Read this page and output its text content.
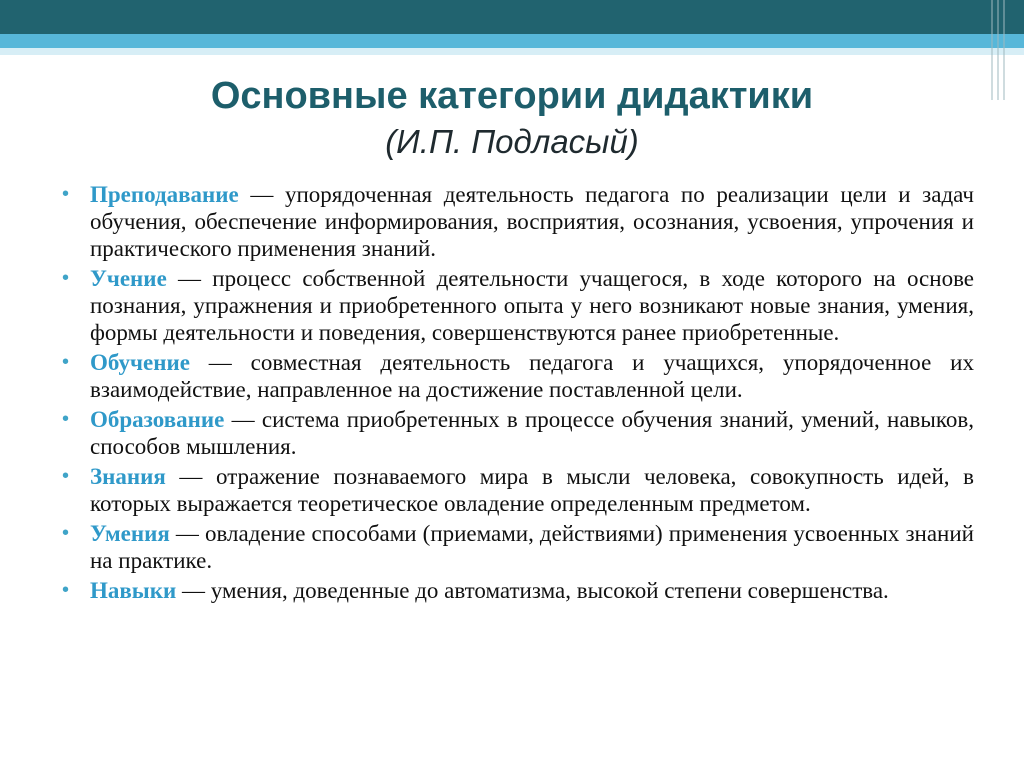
Основные категории дидактики
(И.П. Подласый)
• Преподавание — упорядоченная деятельность педагога по реализации цели и задач обучения, обеспечение информирования, восприятия, осознания, усвоения, упрочения и практического применения знаний.
• Учение — процесс собственной деятельности учащегося, в ходе которого на основе познания, упражнения и приобретенного опыта у него возникают новые знания, умения, формы деятельности и поведения, совершенствуются ранее приобретенные.
• Обучение — совместная деятельность педагога и учащихся, упорядоченное их взаимодействие, направленное на достижение поставленной цели.
• Образование — система приобретенных в процессе обучения знаний, умений, навыков, способов мышления.
• Знания — отражение познаваемого мира в мысли человека, совокупность идей, в которых выражается теоретическое овладение определенным предметом.
• Умения — овладение способами (приемами, действиями) применения усвоенных знаний на практике.
• Навыки — умения, доведенные до автоматизма, высокой степени совершенства.
